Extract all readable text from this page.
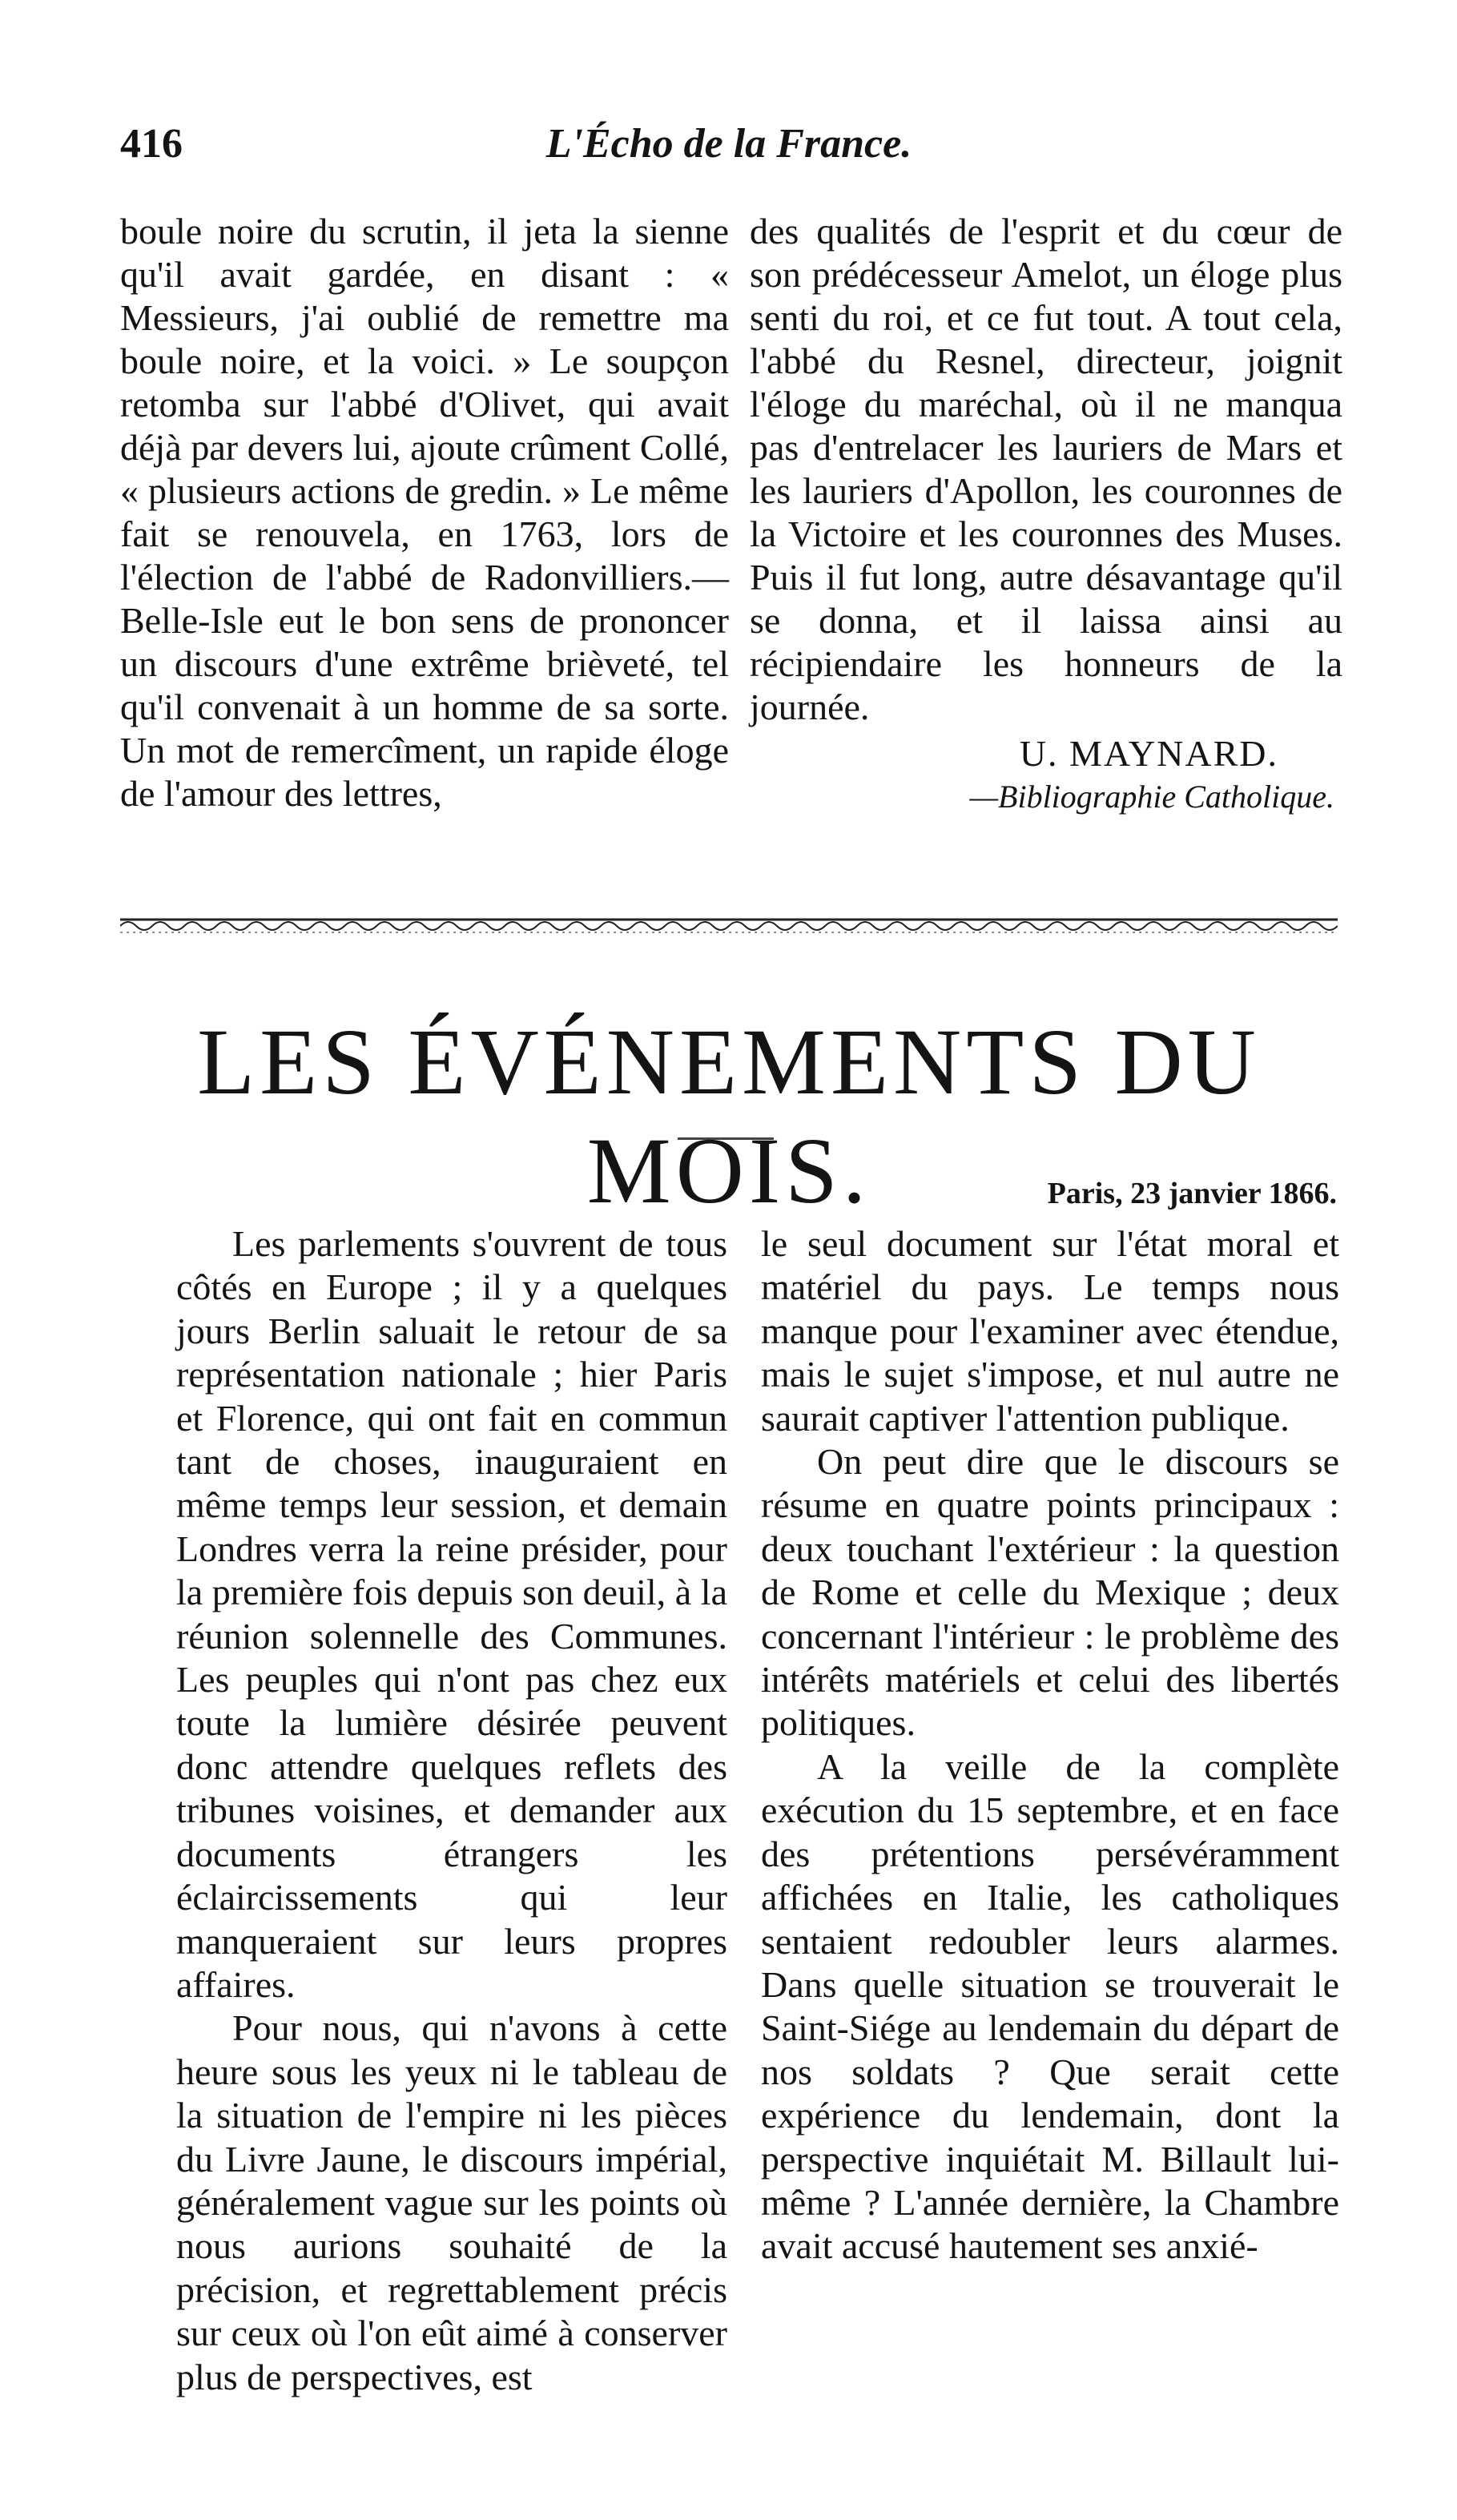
416	L'Écho de la France.

boule noire du scrutin, il jeta la sienne qu'il avait gardée, en disant : « Messieurs, j'ai oublié de remettre ma boule noire, et la voici. » Le soupçon retomba sur l'abbé d'Olivet, qui avait déjà par devers lui, ajoute crûment Collé, « plusieurs actions de gredin. » Le même fait se renouvela, en 1763, lors de l'élection de l'abbé de Radonvilliers.—Belle-Isle eut le bon sens de prononcer un discours d'une extrême brièveté, tel qu'il convenait à un homme de sa sorte. Un mot de remercîment, un rapide éloge de l'amour des lettres,

des qualités de l'esprit et du cœur de son prédécesseur Amelot, un éloge plus senti du roi, et ce fut tout. A tout cela, l'abbé du Resnel, directeur, joignit l'éloge du maréchal, où il ne manqua pas d'entrelacer les lauriers de Mars et les lauriers d'Apollon, les couronnes de la Victoire et les couronnes des Muses. Puis il fut long, autre désavantage qu'il se donna, et il laissa ainsi au récipiendaire les honneurs de la journée.

U. MAYNARD.

—Bibliographie Catholique.

LES ÉVÉNEMENTS DU MOIS.	Paris, 23 janvier 1866.

Les parlements s'ouvrent de tous côtés en Europe ; il y a quelques jours Berlin saluait le retour de sa représentation nationale ; hier Paris et Florence, qui ont fait en commun tant de choses, inauguraient en même temps leur session, et demain Londres verra la reine présider, pour la première fois depuis son deuil, à la réunion solennelle des Communes. Les peuples qui n'ont pas chez eux toute la lumière désirée peuvent donc attendre quelques reflets des tribunes voisines, et demander aux documents étrangers les éclaircissements qui leur manqueraient sur leurs propres affaires.

Pour nous, qui n'avons à cette heure sous les yeux ni le tableau de la situation de l'empire ni les pièces du Livre Jaune, le discours impérial, généralement vague sur les points où nous aurions souhaité de la précision, et regrettablement précis sur ceux où l'on eût aimé à conserver plus de perspectives, est

le seul document sur l'état moral et matériel du pays. Le temps nous manque pour l'examiner avec étendue, mais le sujet s'impose, et nul autre ne saurait captiver l'attention publique.

On peut dire que le discours se résume en quatre points principaux : deux touchant l'extérieur : la question de Rome et celle du Mexique ; deux concernant l'intérieur : le problème des intérêts matériels et celui des libertés politiques.

A la veille de la complète exécution du 15 septembre, et en face des prétentions persévéramment affichées en Italie, les catholiques sentaient redoubler leurs alarmes. Dans quelle situation se trouverait le Saint-Siége au lendemain du départ de nos soldats ? Que serait cette expérience du lendemain, dont la perspective inquiétait M. Billault lui-même ? L'année dernière, la Chambre avait accusé hautement ses anxié-
